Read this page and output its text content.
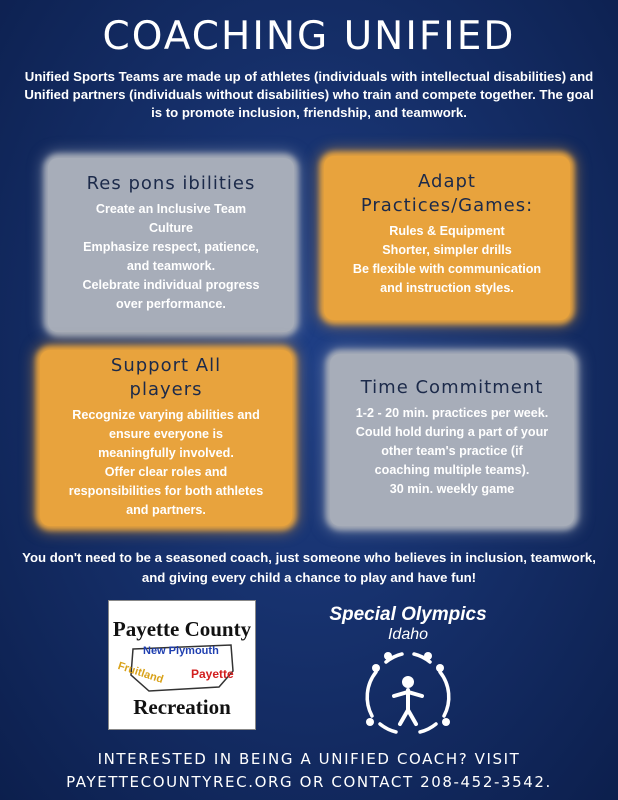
COACHING UNIFIED
Unified Sports Teams are made up of athletes (individuals with intellectual disabilities) and Unified partners (individuals without disabilities) who train and compete together. The goal is to promote inclusion, friendship, and teamwork.
Res pons ibilities

Create an Inclusive Team

Culture

Emphasize respect, patience,

and teamwork.

Celebrate individual progress

over performance.

Adapt
Practices/Games:

Rules & Equipment

Shorter, simpler drills

Be flexible with communication

and instruction styles.

Support All
players

Recognize varying abilities and

ensure everyone is

meaningfully involved.

Offer clear roles and

responsibilities for both athletes

and partners.

Time Commitment

1-2 - 20 min. practices per week.

Could hold during a part of your

other team's practice (if

coaching multiple teams).

30 min. weekly game

You don't need to be a seasoned coach, just someone who believes in inclusion, teamwork, and giving every child a chance to play and have fun!
Payette County
New Plymouth
Fruitland Payette
Recreation
Special Olympics
Idaho
INTERESTED IN BEING A UNIFIED COACH? VISIT
PAYETTECOUNTYREC.ORG OR CONTACT 208-452-3542.
